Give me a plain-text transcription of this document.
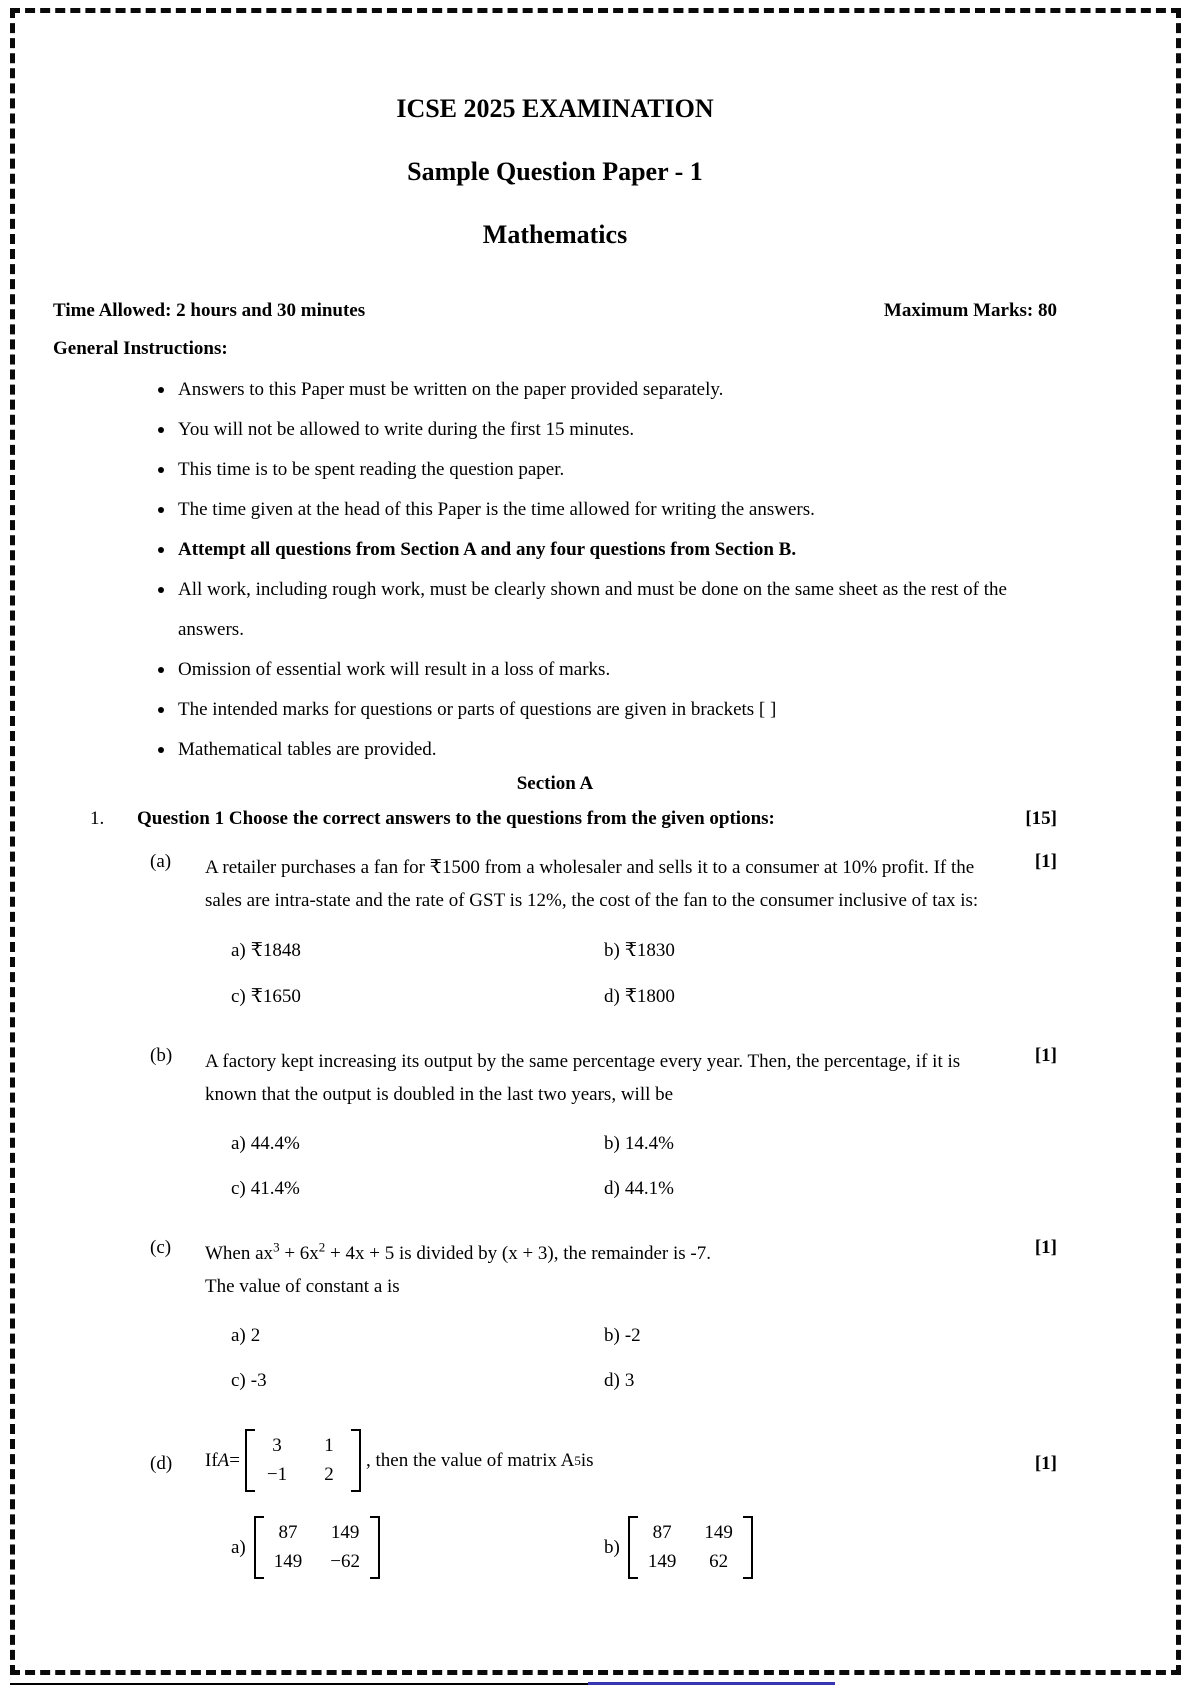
ICSE 2025 EXAMINATION
Sample Question Paper - 1
Mathematics
Time Allowed: 2 hours and 30 minutes	Maximum Marks: 80
General Instructions:
Answers to this Paper must be written on the paper provided separately.
You will not be allowed to write during the first 15 minutes.
This time is to be spent reading the question paper.
The time given at the head of this Paper is the time allowed for writing the answers.
Attempt all questions from Section A and any four questions from Section B.
All work, including rough work, must be clearly shown and must be done on the same sheet as the rest of the answers.
Omission of essential work will result in a loss of marks.
The intended marks for questions or parts of questions are given in brackets [ ]
Mathematical tables are provided.
Section A
1.	Question 1 Choose the correct answers to the questions from the given options:	[15]
(a)	A retailer purchases a fan for ₹1500 from a wholesaler and sells it to a consumer at 10% profit. If the
sales are intra-state and the rate of GST is 12%, the cost of the fan to the consumer inclusive of tax is:
a) ₹1848	b) ₹1830
c) ₹1650	d) ₹1800
[1]
(b)	A factory kept increasing its output by the same percentage every year. Then, the percentage, if it is
known that the output is doubled in the last two years, will be
a) 44.4%	b) 14.4%
c) 41.4%	d) 44.1%
[1]
(c)	When $ax^3 + 6x^2 + 4x + 5$ is divided by (x + 3), the remainder is -7.
The value of constant a is
a) 2	b) -2
c) -3	d) 3
[1]
(d)	If A =
3	1
−1	2
, then the value of matrix A 5 is
a)
87 149
149 −62
b)
87 149
149 62
[1]
